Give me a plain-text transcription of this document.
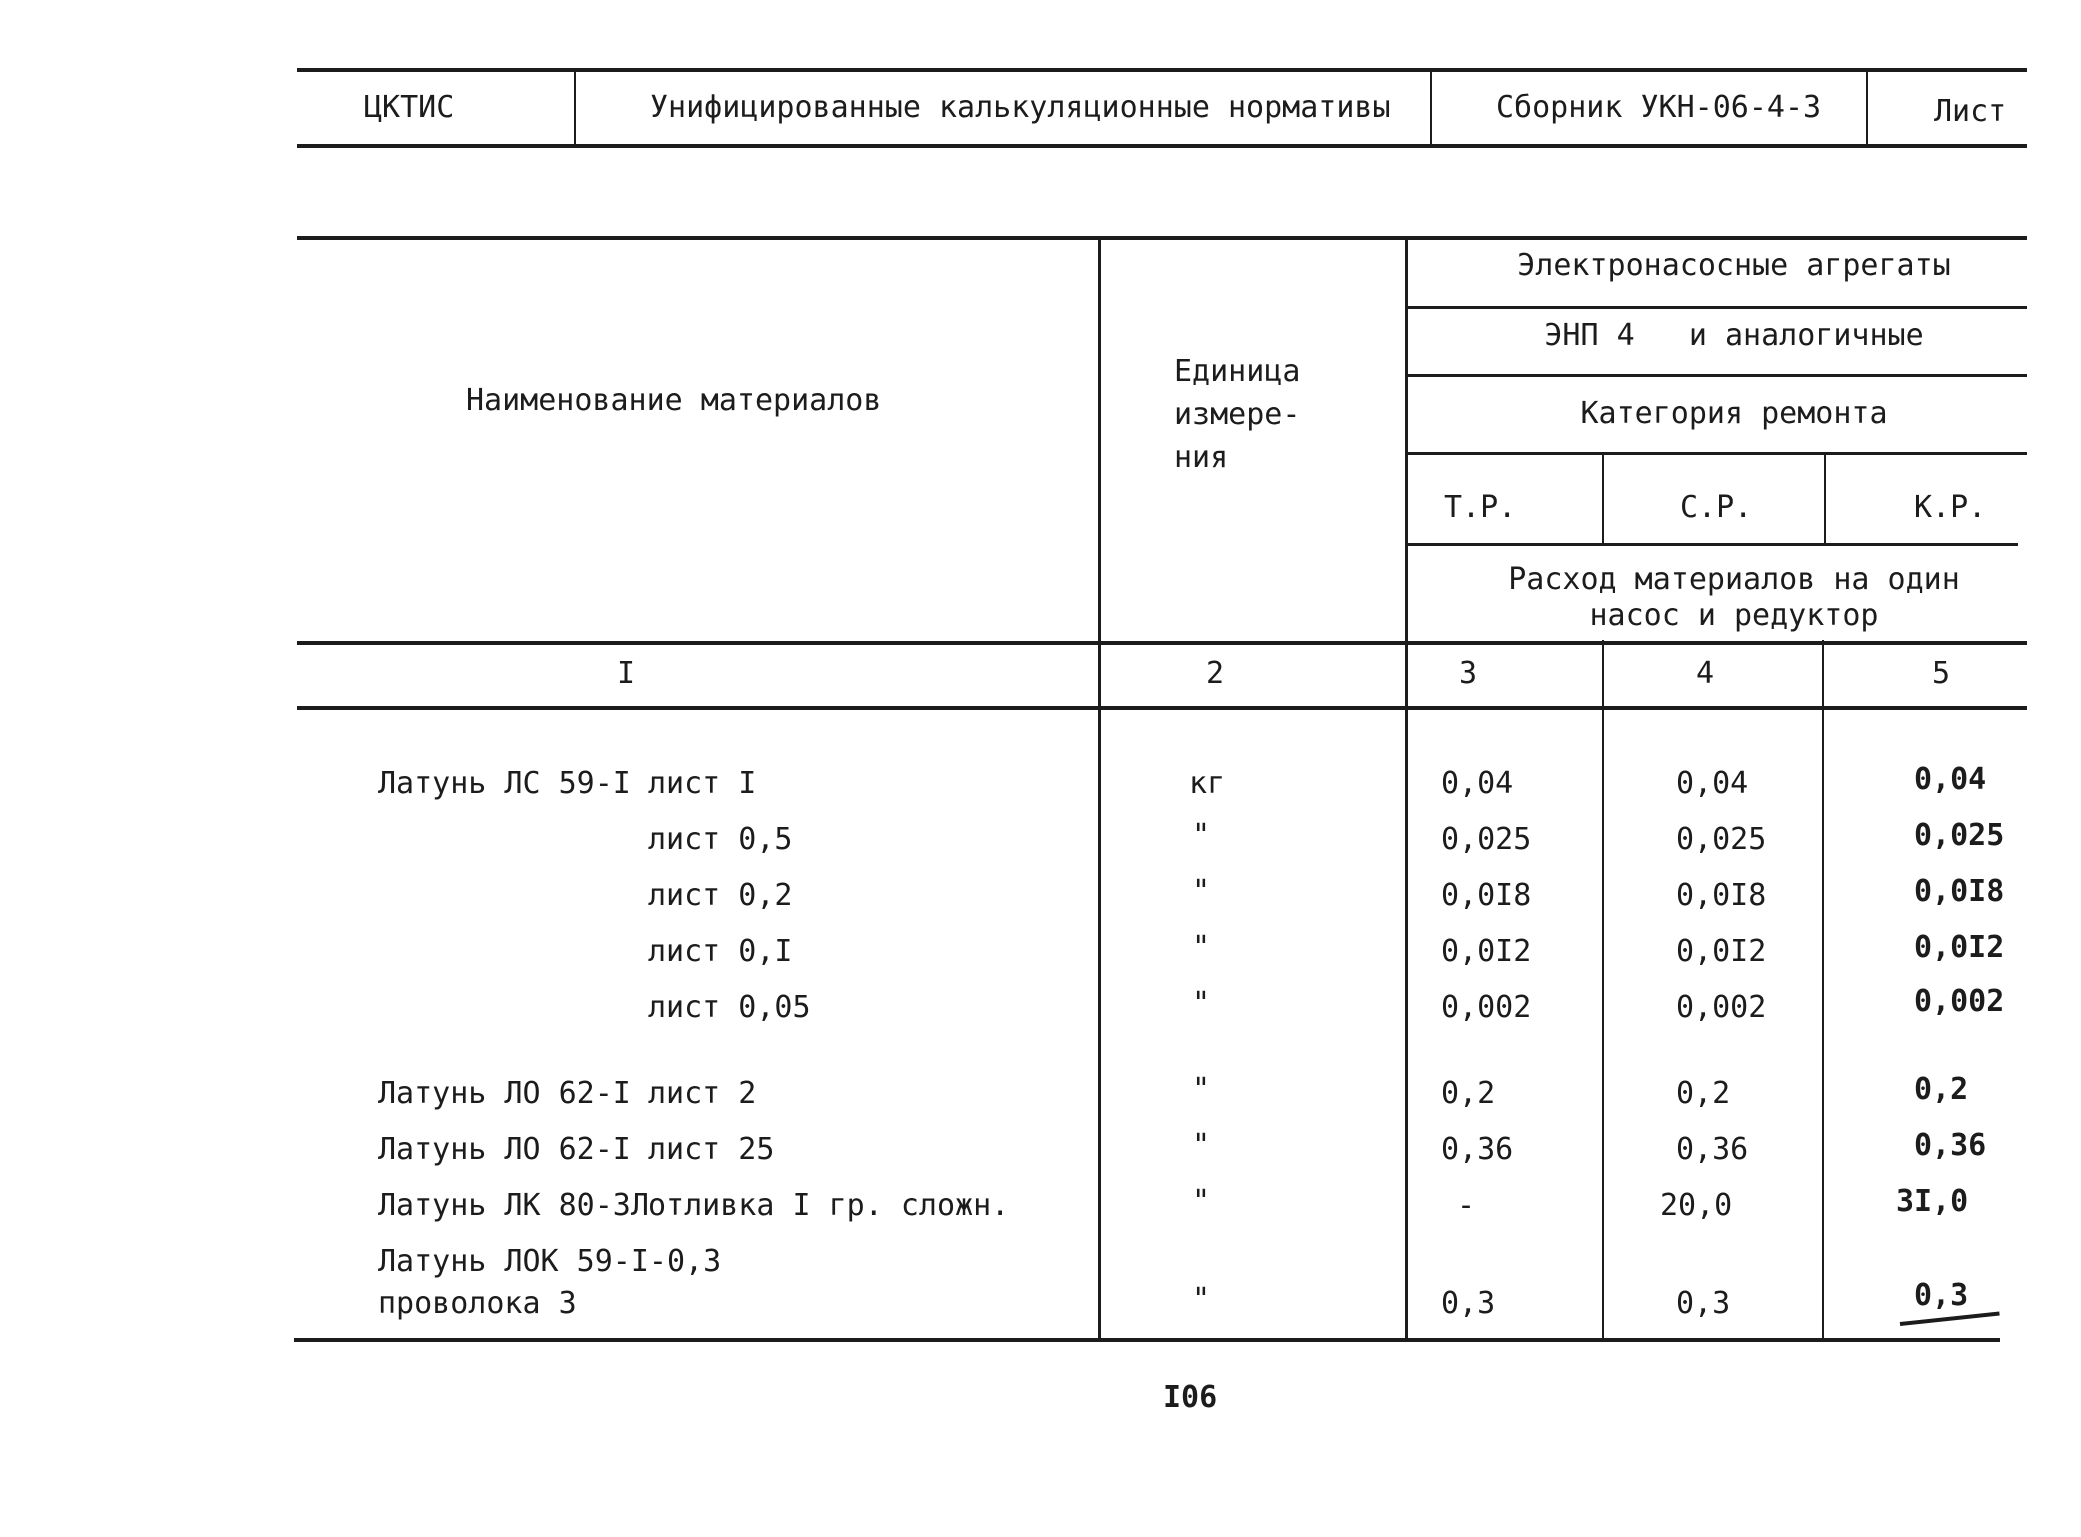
ЦКТИС	Унифицированные калькуляционные нормативы	Сборник УКН-06-4-3	Лист
Наименование материалов
Единица
измере-
ния
Электронасосные агрегаты
ЭНП 4   и аналогичные
Категория ремонта
Т.Р.	С.Р.	К.Р.
Расход материалов на один
насос и редуктор
I	2	3	4	5
Латунь ЛС 59-I лист I	кг	0,04	0,04	0,04
лист 0,5	"	0,025	0,025	0,025
лист 0,2	"	0,0I8	0,0I8	0,0I8
лист 0,I	"	0,0I2	0,0I2	0,0I2
лист 0,05	"	0,002	0,002	0,002
Латунь ЛО 62-I лист 2	"	0,2	0,2	0,2
Латунь ЛО 62-I лист 25	"	0,36	0,36	0,36
Латунь ЛК 80-3Л отливка I гр. сложн.	"	-	20,0	3I,0
Латунь ЛОК 59-I-0,3
проволока 3	"	0,3	0,3	0,3
I06
